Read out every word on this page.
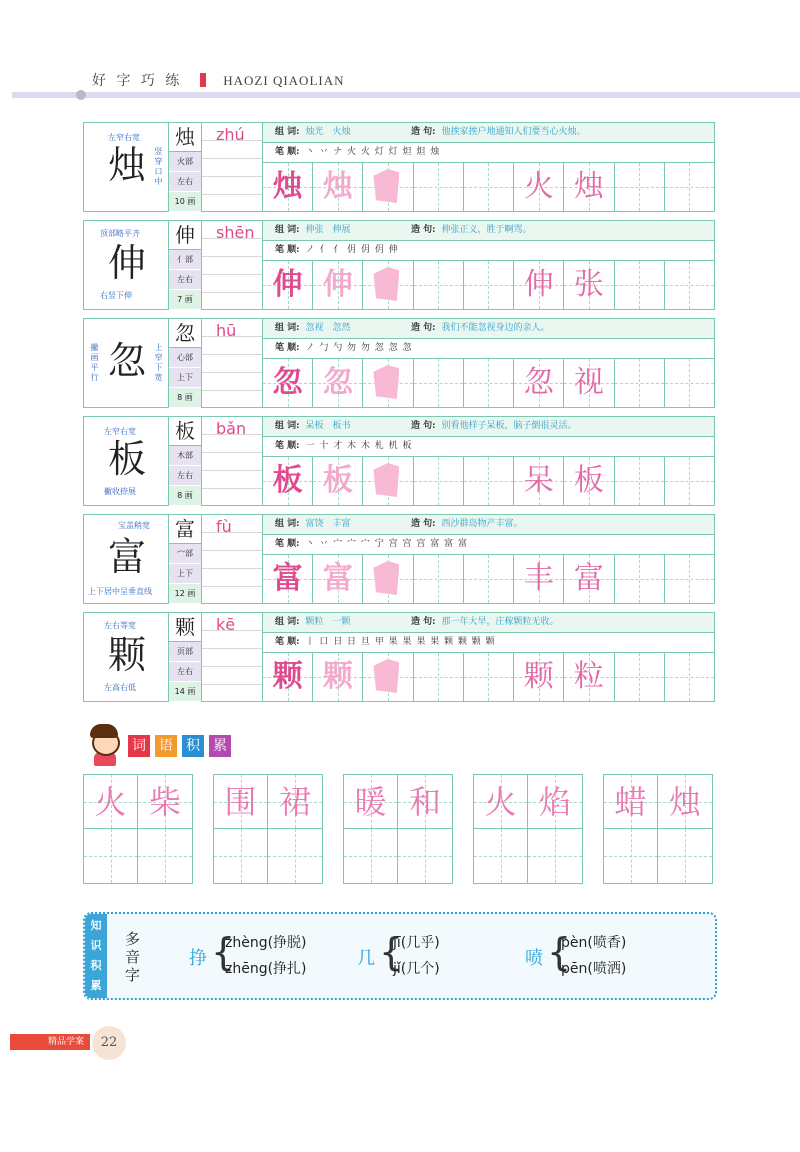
好 字 巧 练	HAOZI QIAOLIAN
烛
左窄右宽
竖穿口中
烛
火部
左右
10 画
zhú	组 词: 烛光　火烛	造 句: 他挨家挨户地通知人们要当心火烛。
笔 顺: 丶 丷 ナ 火 火 灯 灯 炟 炟 烛
烛 烛	火 烛
伸
顶部略平齐
右竖下伸
伸
亻部
左右
7 画
shēn	组 词: 伸张　伸展	造 句: 伸张正义，胜于啊骂。
笔 顺: ノ 亻 亻 仴 仴 仴 伸
伸 伸	伸 张
忽
撇画平行
上窄下宽
忽
心部
上下
8 画
hū	组 词: 忽视　忽然	造 句: 我们不能忽视身边的亲人。
笔 顺: ノ 勹 勺 勿 勿 忽 忽 忽
忽 忽	忽 视
板
左窄右宽
撇收捺展
板
木部
左右
8 画
bǎn	组 词: 呆板　板书	造 句: 别看他样子呆板，脑子倒很灵活。
笔 顺: 一 十 才 木 木 札 机 板
板 板	呆 板
富
宝盖稍宽
上下居中呈垂直线
富
宀部
上下
12 画
fù	组 词: 富饶　丰富	造 句: 西沙群岛物产丰富。
笔 顺: 丶 丷 宀 宀 宀 宁 宫 宫 宫 富 富 富
富 富	丰 富
颗
左右等宽
左高右低
颗
页部
左右
14 画
kē	组 词: 颗粒　一颗	造 句: 那一年大旱，庄稼颗粒无收。
笔 顺: 丨 口 日 日 旦 甲 果 果 果 果 颗 颗 颗 颗
颗 颗	颗 粒
词 语 积 累
火 柴	围 裙	暖 和	火 焰	蜡 烛
知
识
积
累
多音字
挣 {
zhèng(挣脱)
zhēng(挣扎)	几 {
jī(几乎)
jǐ(几个)	喷 {
pèn(喷香)
pēn(喷洒)
精品学案	22
